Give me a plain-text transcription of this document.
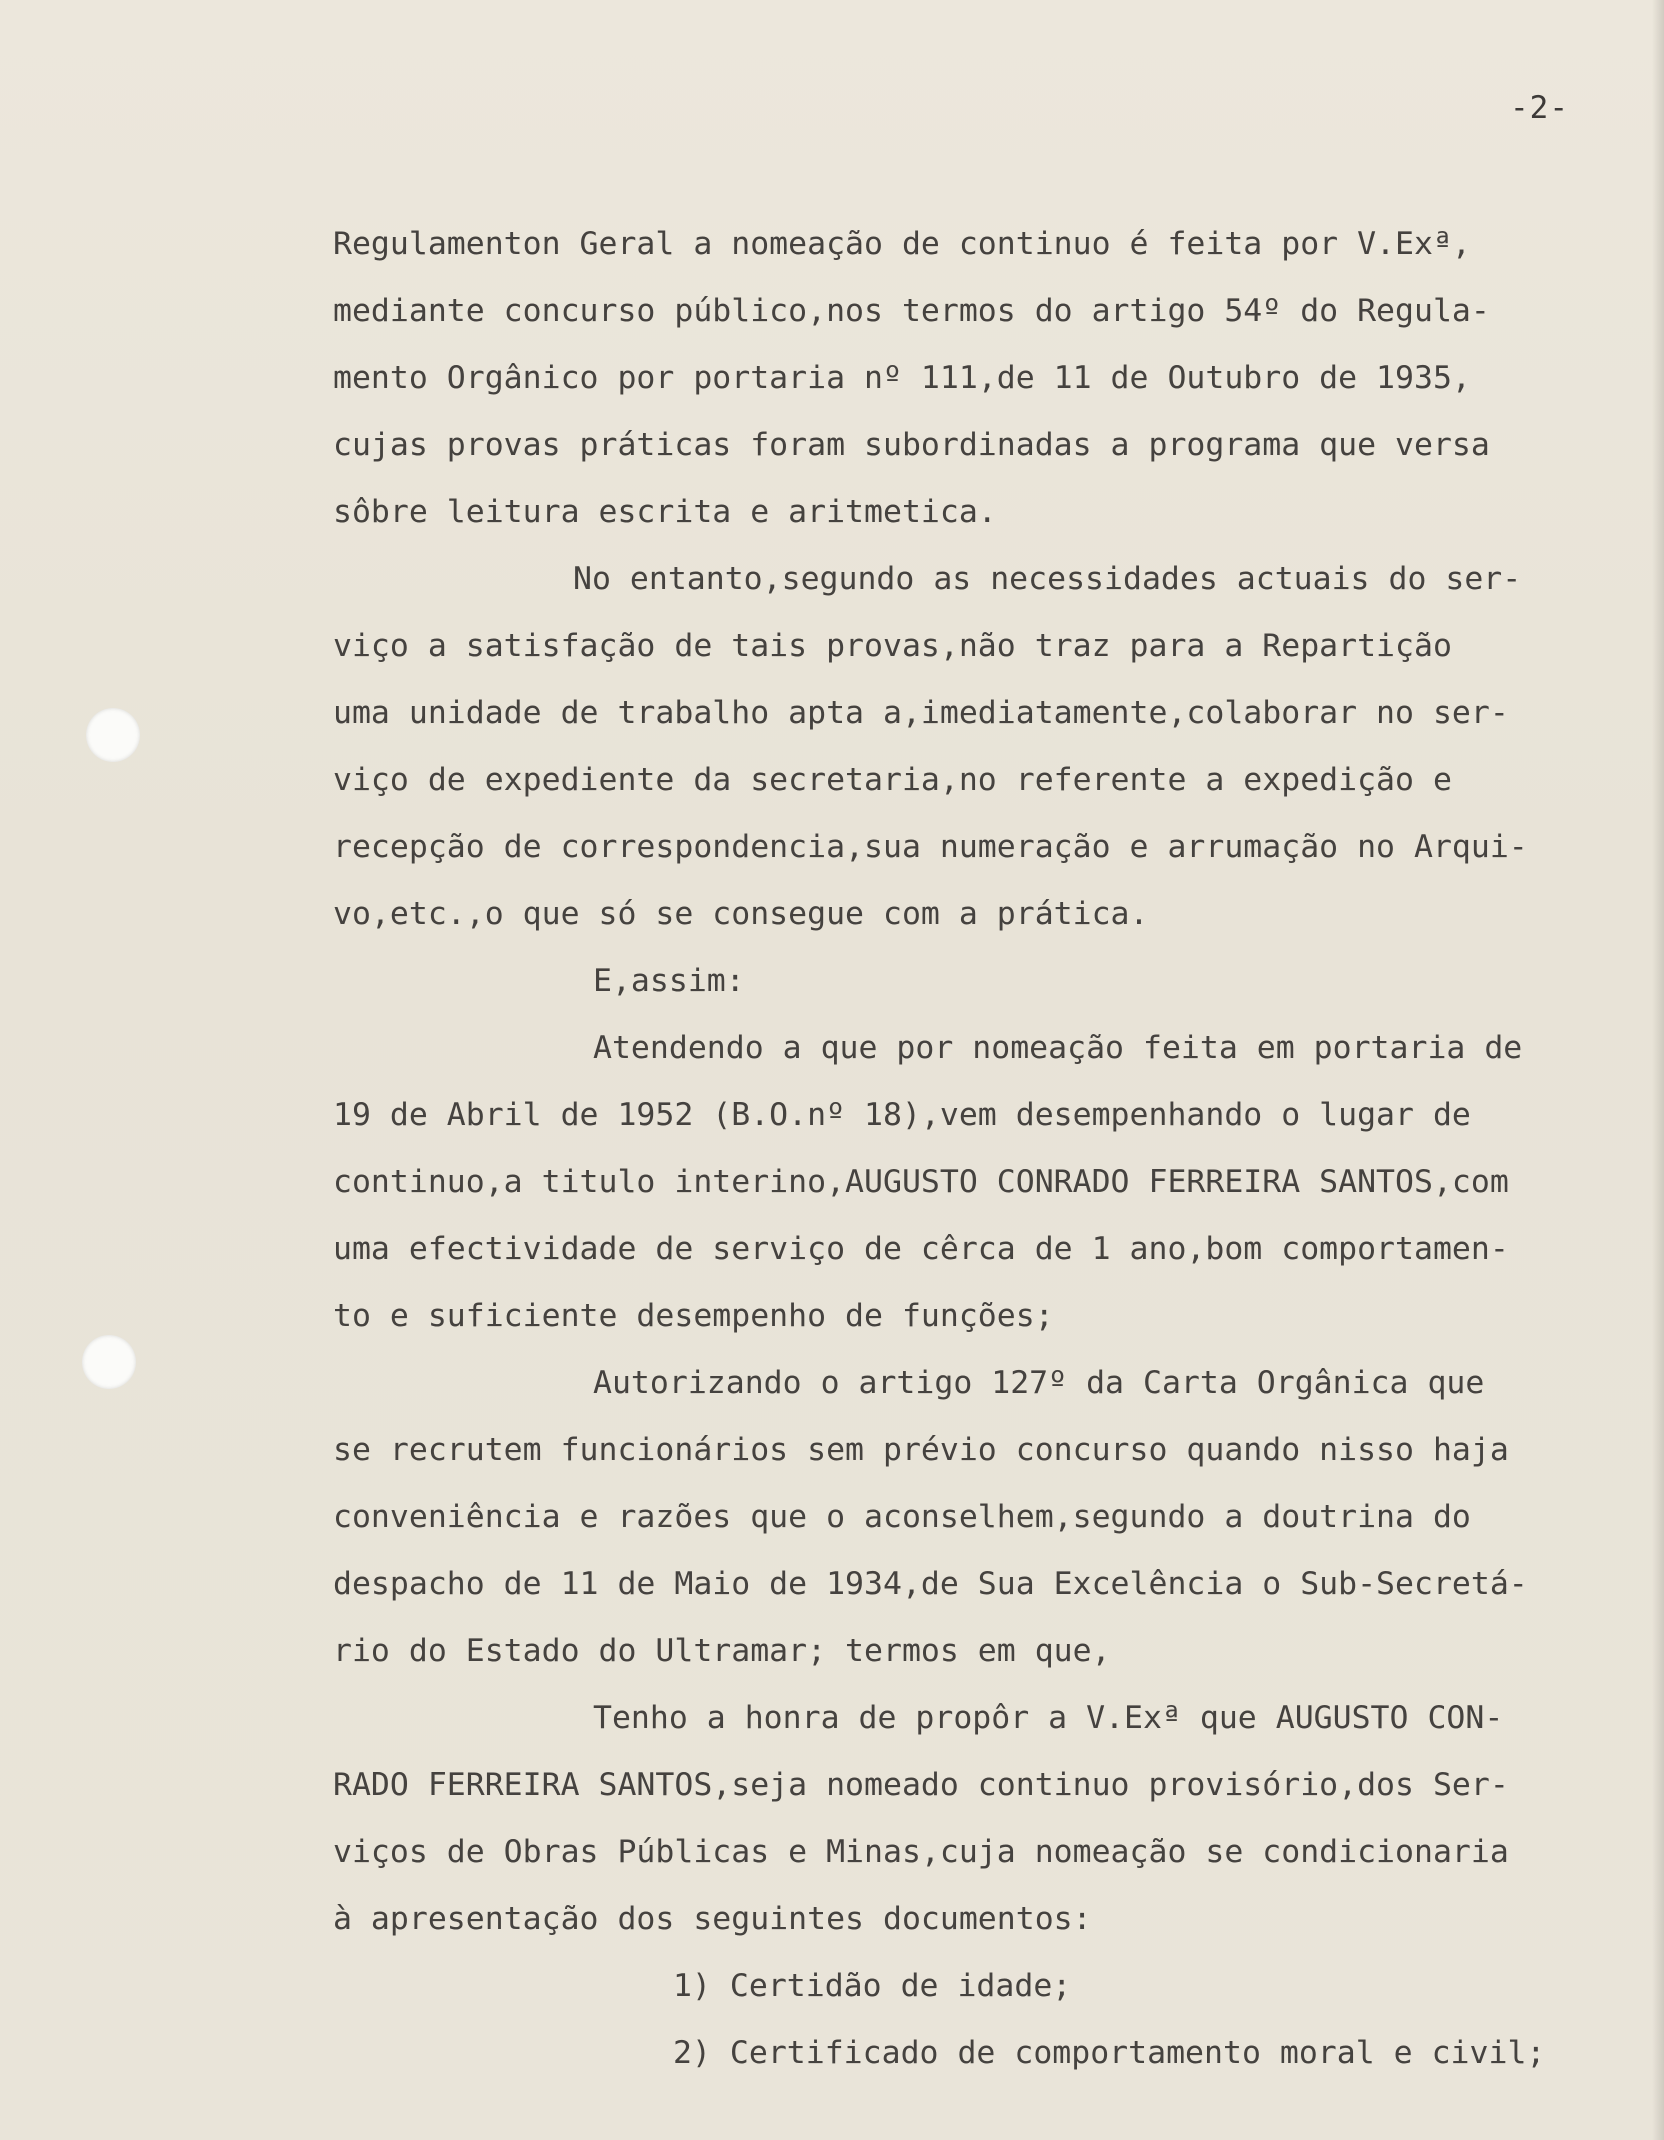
-2-
Regulamenton Geral a nomeação de continuo é feita por V.Exª,
mediante concurso público,nos termos do artigo 54º do Regula-
mento Orgânico por portaria nº 111,de 11 de Outubro de 1935,
cujas provas práticas foram subordinadas a programa que versa
sôbre leitura escrita e aritmetica.
No entanto,segundo as necessidades actuais do ser-
viço a satisfação de tais provas,não traz para a Repartição
uma unidade de trabalho apta a,imediatamente,colaborar no ser-
viço de expediente da secretaria,no referente a expedição e
recepção de correspondencia,sua numeração e arrumação no Arqui-
vo,etc.,o que só se consegue com a prática.
E,assim:
Atendendo a que por nomeação feita em portaria de
19 de Abril de 1952 (B.O.nº 18),vem desempenhando o lugar de
continuo,a titulo interino,AUGUSTO CONRADO FERREIRA SANTOS,com
uma efectividade de serviço de cêrca de 1 ano,bom comportamen-
to e suficiente desempenho de funções;
Autorizando o artigo 127º da Carta Orgânica que
se recrutem funcionários sem prévio concurso quando nisso haja
conveniência e razões que o aconselhem,segundo a doutrina do
despacho de 11 de Maio de 1934,de Sua Excelência o Sub-Secretá-
rio do Estado do Ultramar; termos em que,
Tenho a honra de propôr a V.Exª que AUGUSTO CON-
RADO FERREIRA SANTOS,seja nomeado continuo provisório,dos Ser-
viços de Obras Públicas e Minas,cuja nomeação se condicionaria
à apresentação dos seguintes documentos:
1) Certidão de idade;
2) Certificado de comportamento moral e civil;
